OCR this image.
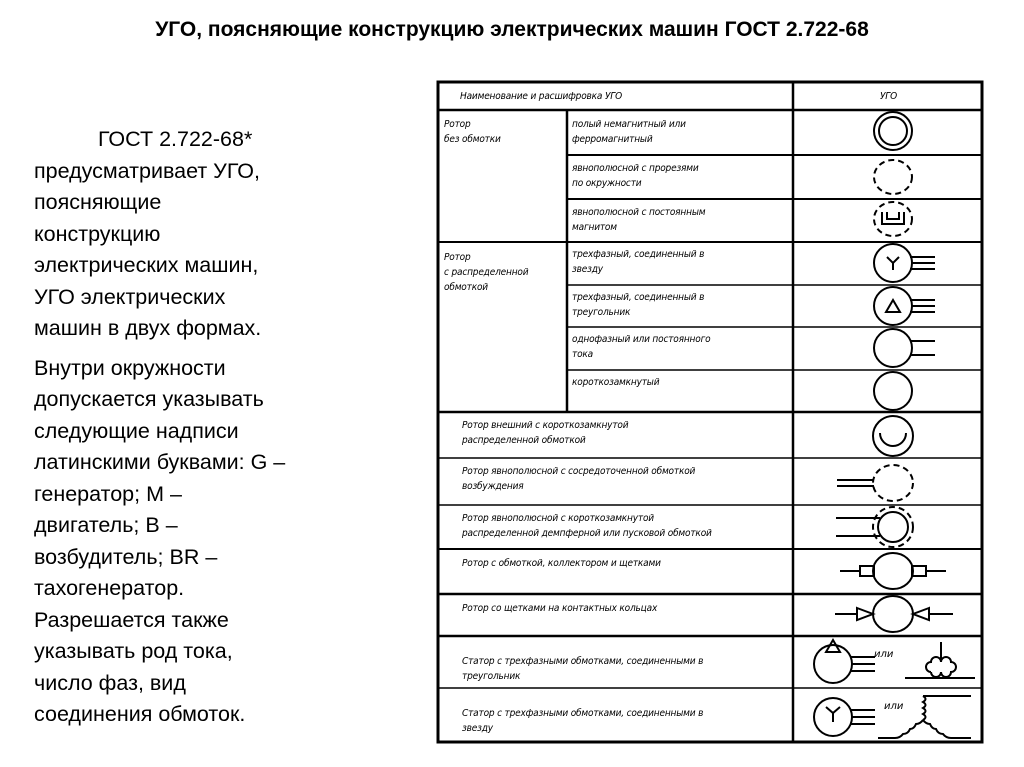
УГО, поясняющие конструкцию электрических машин ГОСТ 2.722-68

ГОСТ 2.722-68*
предусматривает УГО,
поясняющие
конструкцию
электрических машин,
УГО электрических
машин в двух формах.

Внутри окружности
допускается указывать
следующие надписи
латинскими буквами: G –
генератор; M –
двигатель; B –
возбудитель; BR –
тахогенератор.
Разрешается также
указывать род тока,
число фаз, вид
соединения обмоток.

или
или
Наименование и расшифровка УГО	УГО
Ротор
без обмотки
полый немагнитный или
ферромагнитный
явнополюсной с прорезями
по окружности
явнополюсной с постоянным
магнитом
Ротор
с распределенной
обмоткой
трехфазный, соединенный в
звезду
трехфазный, соединенный в
треугольник
однофазный или постоянного
тока
короткозамкнутый
Ротор внешний с короткозамкнутой
распределенной обмоткой
Ротор явнополюсной с сосредоточенной обмоткой
возбуждения
Ротор явнополюсной с короткозамкнутой
распределенной демпферной или пусковой обмоткой
Ротор с обмоткой, коллектором и щетками
Ротор со щетками на контактных кольцах
Статор с трехфазными обмотками, соединенными в
треугольник
Статор с трехфазными обмотками, соединенными в
звезду
